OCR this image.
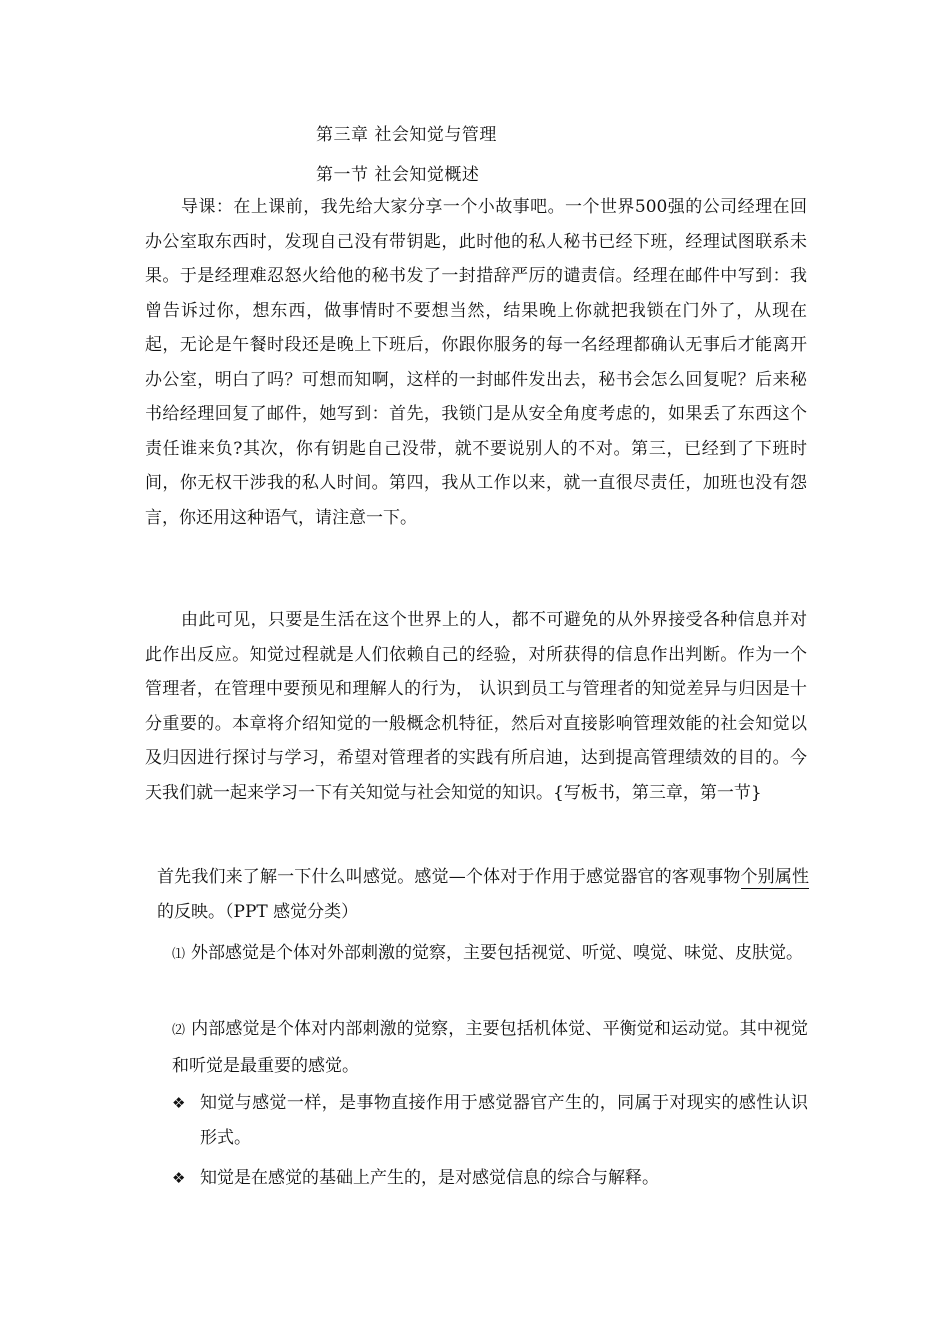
第三章 社会知觉与管理
第一节 社会知觉概述
导课：在上课前，我先给大家分享一个小故事吧。一个世界500强的公司经理在回办公室取东西时，发现自己没有带钥匙，此时他的私人秘书已经下班，经理试图联系未果。于是经理难忍怒火给他的秘书发了一封措辞严厉的谴责信。经理在邮件中写到：我曾告诉过你，想东西，做事情时不要想当然，结果晚上你就把我锁在门外了，从现在起，无论是午餐时段还是晚上下班后，你跟你服务的每一名经理都确认无事后才能离开办公室，明白了吗？可想而知啊，这样的一封邮件发出去，秘书会怎么回复呢？后来秘书给经理回复了邮件，她写到：首先，我锁门是从安全角度考虑的，如果丢了东西这个责任谁来负?其次，你有钥匙自己没带，就不要说别人的不对。第三，已经到了下班时间，你无权干涉我的私人时间。第四，我从工作以来，就一直很尽责任，加班也没有怨言，你还用这种语气，请注意一下。
由此可见，只要是生活在这个世界上的人，都不可避免的从外界接受各种信息并对此作出反应。知觉过程就是人们依赖自己的经验，对所获得的信息作出判断。作为一个管理者，在管理中要预见和理解人的行为， 认识到员工与管理者的知觉差异与归因是十分重要的。本章将介绍知觉的一般概念机特征，然后对直接影响管理效能的社会知觉以及归因进行探讨与学习，希望对管理者的实践有所启迪，达到提高管理绩效的目的。今天我们就一起来学习一下有关知觉与社会知觉的知识。{写板书，第三章，第一节}
首先我们来了解一下什么叫感觉。感觉—个体对于作用于感觉器官的客观事物个别属性的反映。（PPT 感觉分类）
⑴ 外部感觉是个体对外部刺激的觉察，主要包括视觉、听觉、嗅觉、味觉、皮肤觉。
⑵ 内部感觉是个体对内部刺激的觉察，主要包括机体觉、平衡觉和运动觉。其中视觉和听觉是最重要的感觉。
❖ 知觉与感觉一样，是事物直接作用于感觉器官产生的，同属于对现实的感性认识形式。
❖ 知觉是在感觉的基础上产生的，是对感觉信息的综合与解释。
